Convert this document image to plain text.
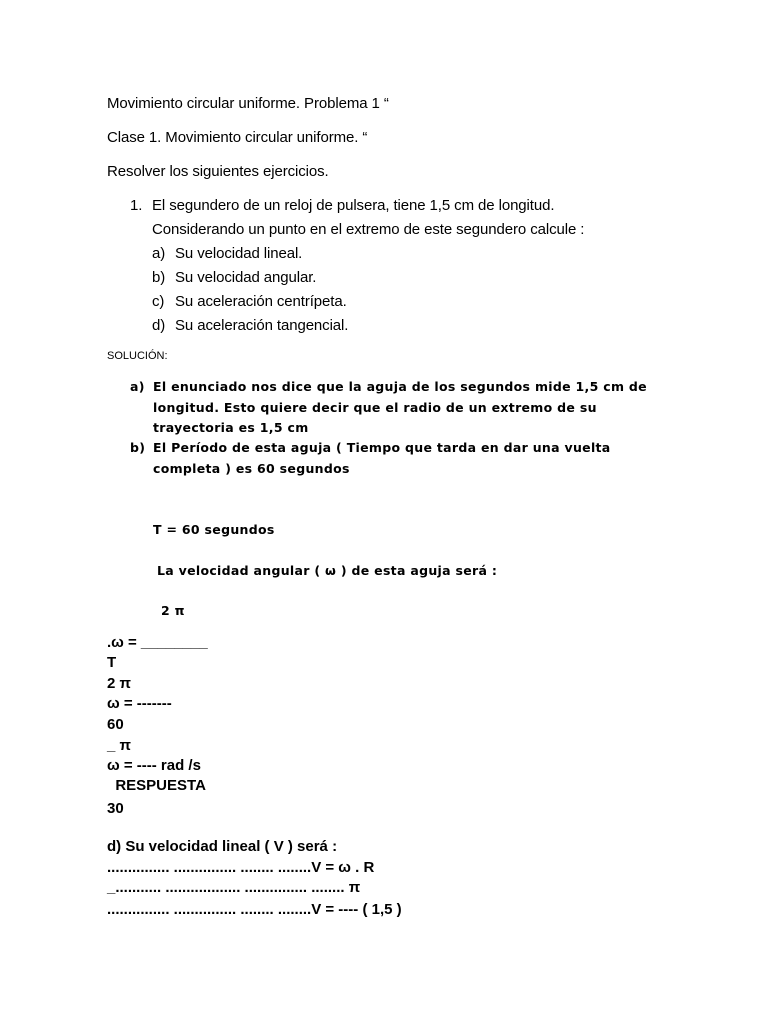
Movimiento circular uniforme. Problema 1 “
Clase 1. Movimiento circular uniforme. “
Resolver los siguientes ejercicios.
1. El segundero de un reloj de pulsera, tiene 1,5 cm de longitud.
Considerando un punto en el extremo de este segundero calcule :
a) Su velocidad lineal.
b) Su velocidad angular.
c) Su aceleración centrípeta.
d) Su aceleración tangencial.
SOLUCIÓN:
a) El enunciado nos dice que la aguja de los segundos mide 1,5 cm de
longitud. Esto quiere decir que el radio de un extremo de su
trayectoria es 1,5 cm
b) El Período de esta aguja ( Tiempo que tarda en dar una vuelta
completa ) es 60 segundos
T = 60 segundos
La velocidad angular ( ω ) de esta aguja será :
2 π
.ω = ________
T
2 π
ω = -------
60
_ π
ω = ---- rad /s
RESPUESTA
30
d) Su velocidad lineal ( V ) será :
............... ............... ........ ........V = ω . R
_........... .................. ............... ........ π
............... ............... ........ ........V = ---- ( 1,5 )
